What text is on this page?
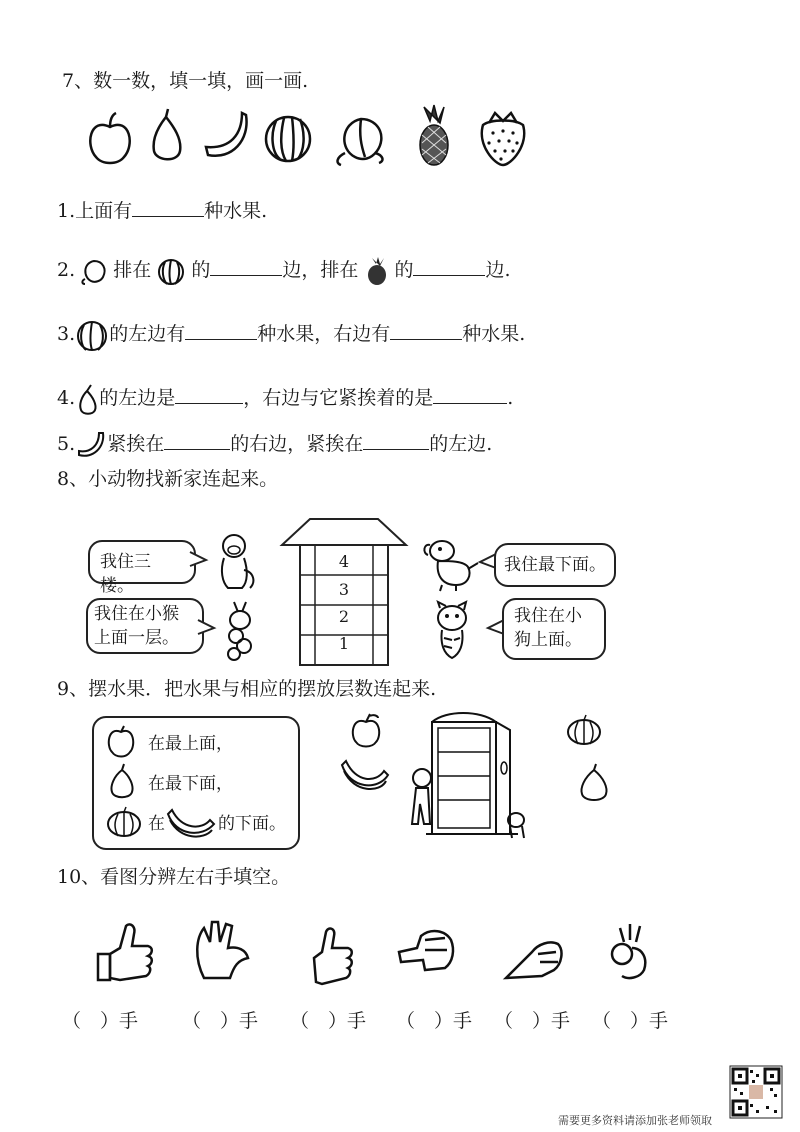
7、数一数，填一填，画一画.
1.上面有	种水果.
2. 排在 的	边，排在 的	边.
3. 的左边有	种水果，右边有	种水果.
4. 的左边是	，右边与它紧挨着的是	.
5. 紧挨在	的右边，紧挨在	的左边.
8、小动物找新家连起来。
我住三楼。
我住在小猴
上面一层。
4
3
2
1
我住最下面。
我住在小
狗上面。
9、摆水果．把水果与相应的摆放层数连起来.
在最上面，
在最下面，
在	的下面。
10、看图分辨左右手填空。
（　）手 （　）手 （　）手 （　）手 （　）手 （　）手
需要更多资料请添加张老师领取
